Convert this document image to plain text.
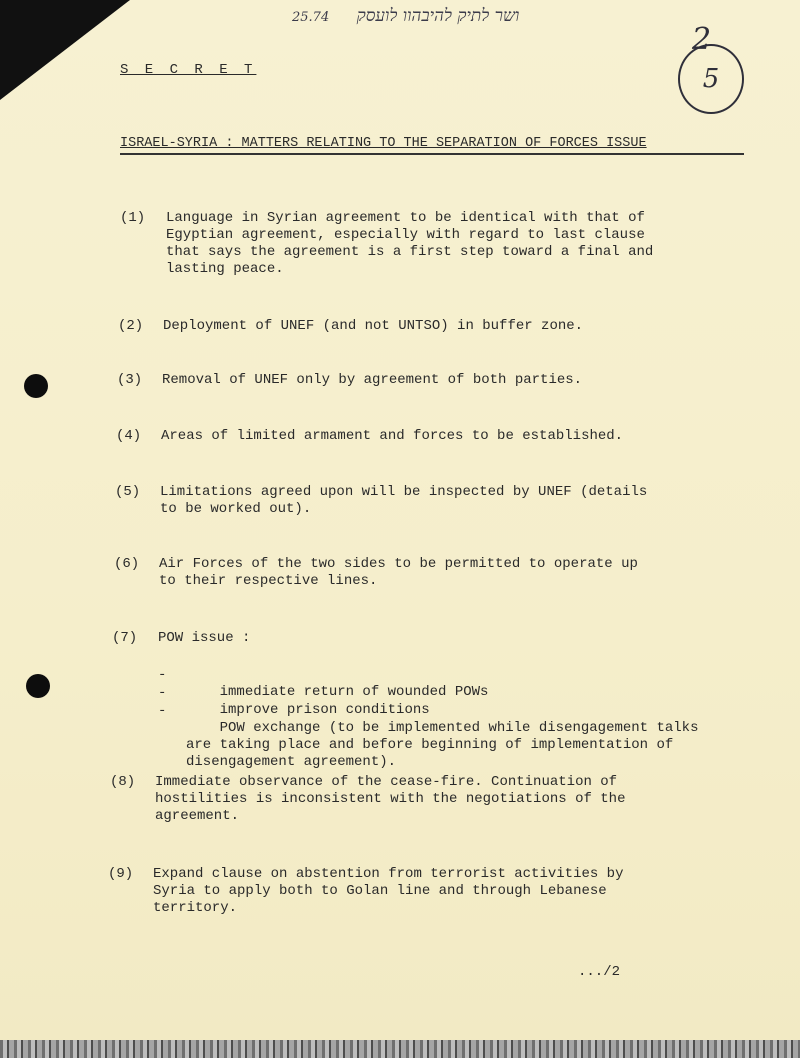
25.74 ושר לתיק להיבהוו לועסק
2
5
S E C R E T
ISRAEL-SYRIA : MATTERS RELATING TO THE SEPARATION OF FORCES ISSUE
(1) Language in Syrian agreement to be identical with that of
Egyptian agreement, especially with regard to last clause
that says the agreement is a first step toward a final and
lasting peace.
(2) Deployment of UNEF (and not UNTSO) in buffer zone.
(3) Removal of UNEF only by agreement of both parties.
(4) Areas of limited armament and forces to be established.
(5) Limitations agreed upon will be inspected by UNEF (details
to be worked out).
(6) Air Forces of the two sides to be permitted to operate up
to their respective lines.
(7) POW issue :

-

immediate return of wounded POWs

-

improve prison conditions

-

POW exchange (to be implemented while disengagement talks
are taking place and before beginning of implementation of
disengagement agreement).

(8) Immediate observance of the cease-fire. Continuation of
hostilities is inconsistent with the negotiations of the
agreement.
(9) Expand clause on abstention from terrorist activities by
Syria to apply both to Golan line and through Lebanese
territory.
.../2
